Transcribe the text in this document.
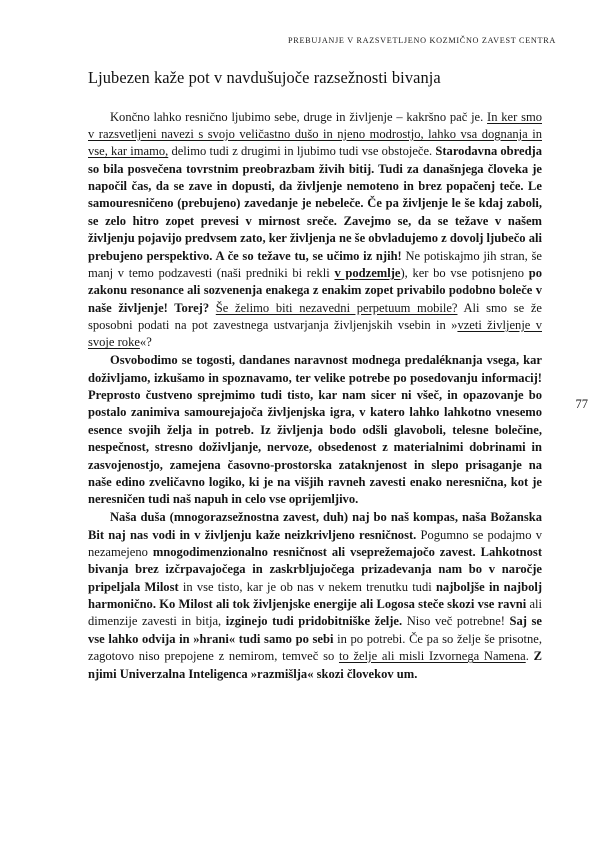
PREBUJANJE V RAZSVETLJENO KOZMIČNO ZAVEST CENTRA
77
Ljubezen kaže pot v navdušujoče razsežnosti bivanja

Končno lahko resnično ljubimo sebe, druge in življenje – kakršno pač je. In ker smo v razsvetljeni navezi s svojo veličastno dušo in njeno modrostjo, lahko vsa dognanja in vse, kar imamo, delimo tudi z drugimi in ljubimo tudi vse obstoječe. Starodavna obredja so bila posvečena tovrstnim preobrazbam živih bitij. Tudi za današnjega človeka je napočil čas, da se zave in dopusti, da življenje nemoteno in brez popačenj teče. Le samouresničeno (prebujeno) zavedanje je nebeleče. Če pa življenje le še kdaj zaboli, se zelo hitro zopet prevesi v mirnost sreče. Zavejmo se, da se težave v našem življenju pojavijo predvsem zato, ker življenja ne še obvladujemo z dovolj ljubečo ali prebujeno perspektivo. A če so težave tu, se učimo iz njih! Ne potiskajmo jih stran, še manj v temo podzavesti (naši predniki bi rekli v podzemlje), ker bo vse potisnjeno po zakonu resonance ali sozvenenja enakega z enakim zopet privabilo podobno boleče v naše življenje! Torej? Še želimo biti nezavedni perpetuum mobile? Ali smo se že sposobni podati na pot zavestnega ustvarjanja življenjskih vsebin in »vzeti življenje v svoje roke«?

Osvobodimo se togosti, dandanes naravnost modnega predaléknanja vsega, kar doživljamo, izkušamo in spoznavamo, ter velike potrebe po posedovanju informacij! Preprosto čustveno sprejmimo tudi tisto, kar nam sicer ni všeč, in opazovanje bo postalo zanimiva samourejajoča življenjska igra, v katero lahko lahkotno vnesemo esence svojih želja in potreb. Iz življenja bodo odšli glavoboli, telesne bolečine, nespečnost, stresno doživljanje, nervoze, obsedenost z materialnimi dobrinami in zasvojenostjo, zamejena časovno-prostorska zataknjenost in slepo prisaganje na naše edino zveličavno logiko, ki je na višjih ravneh zavesti enako neresnična, kot je neresničen tudi naš napuh in celo vse oprijemljivo.

Naša duša (mnogorazsežnostna zavest, duh) naj bo naš kompas, naša Božanska Bit naj nas vodi in v življenju kaže neizkrivljeno resničnost. Pogumno se podajmo v nezamejeno mnogodimenzionalno resničnost ali vseprežemajočo zavest. Lahkotnost bivanja brez izčrpavajočega in zaskrbljujočega prizadevanja nam bo v naročje pripeljala Milost in vse tisto, kar je ob nas v nekem trenutku tudi najboljše in najbolj harmonično. Ko Milost ali tok življenjske energije ali Logosa steče skozi vse ravni ali dimenzije zavesti in bitja, izginejo tudi pridobitniške želje. Niso več potrebne! Saj se vse lahko odvija in »hrani« tudi samo po sebi in po potrebi. Če pa so želje še prisotne, zagotovo niso prepojene z nemirom, temveč so to želje ali misli Izvornega Namena. Z njimi Univerzalna Inteligenca »razmišlja« skozi človekov um.
